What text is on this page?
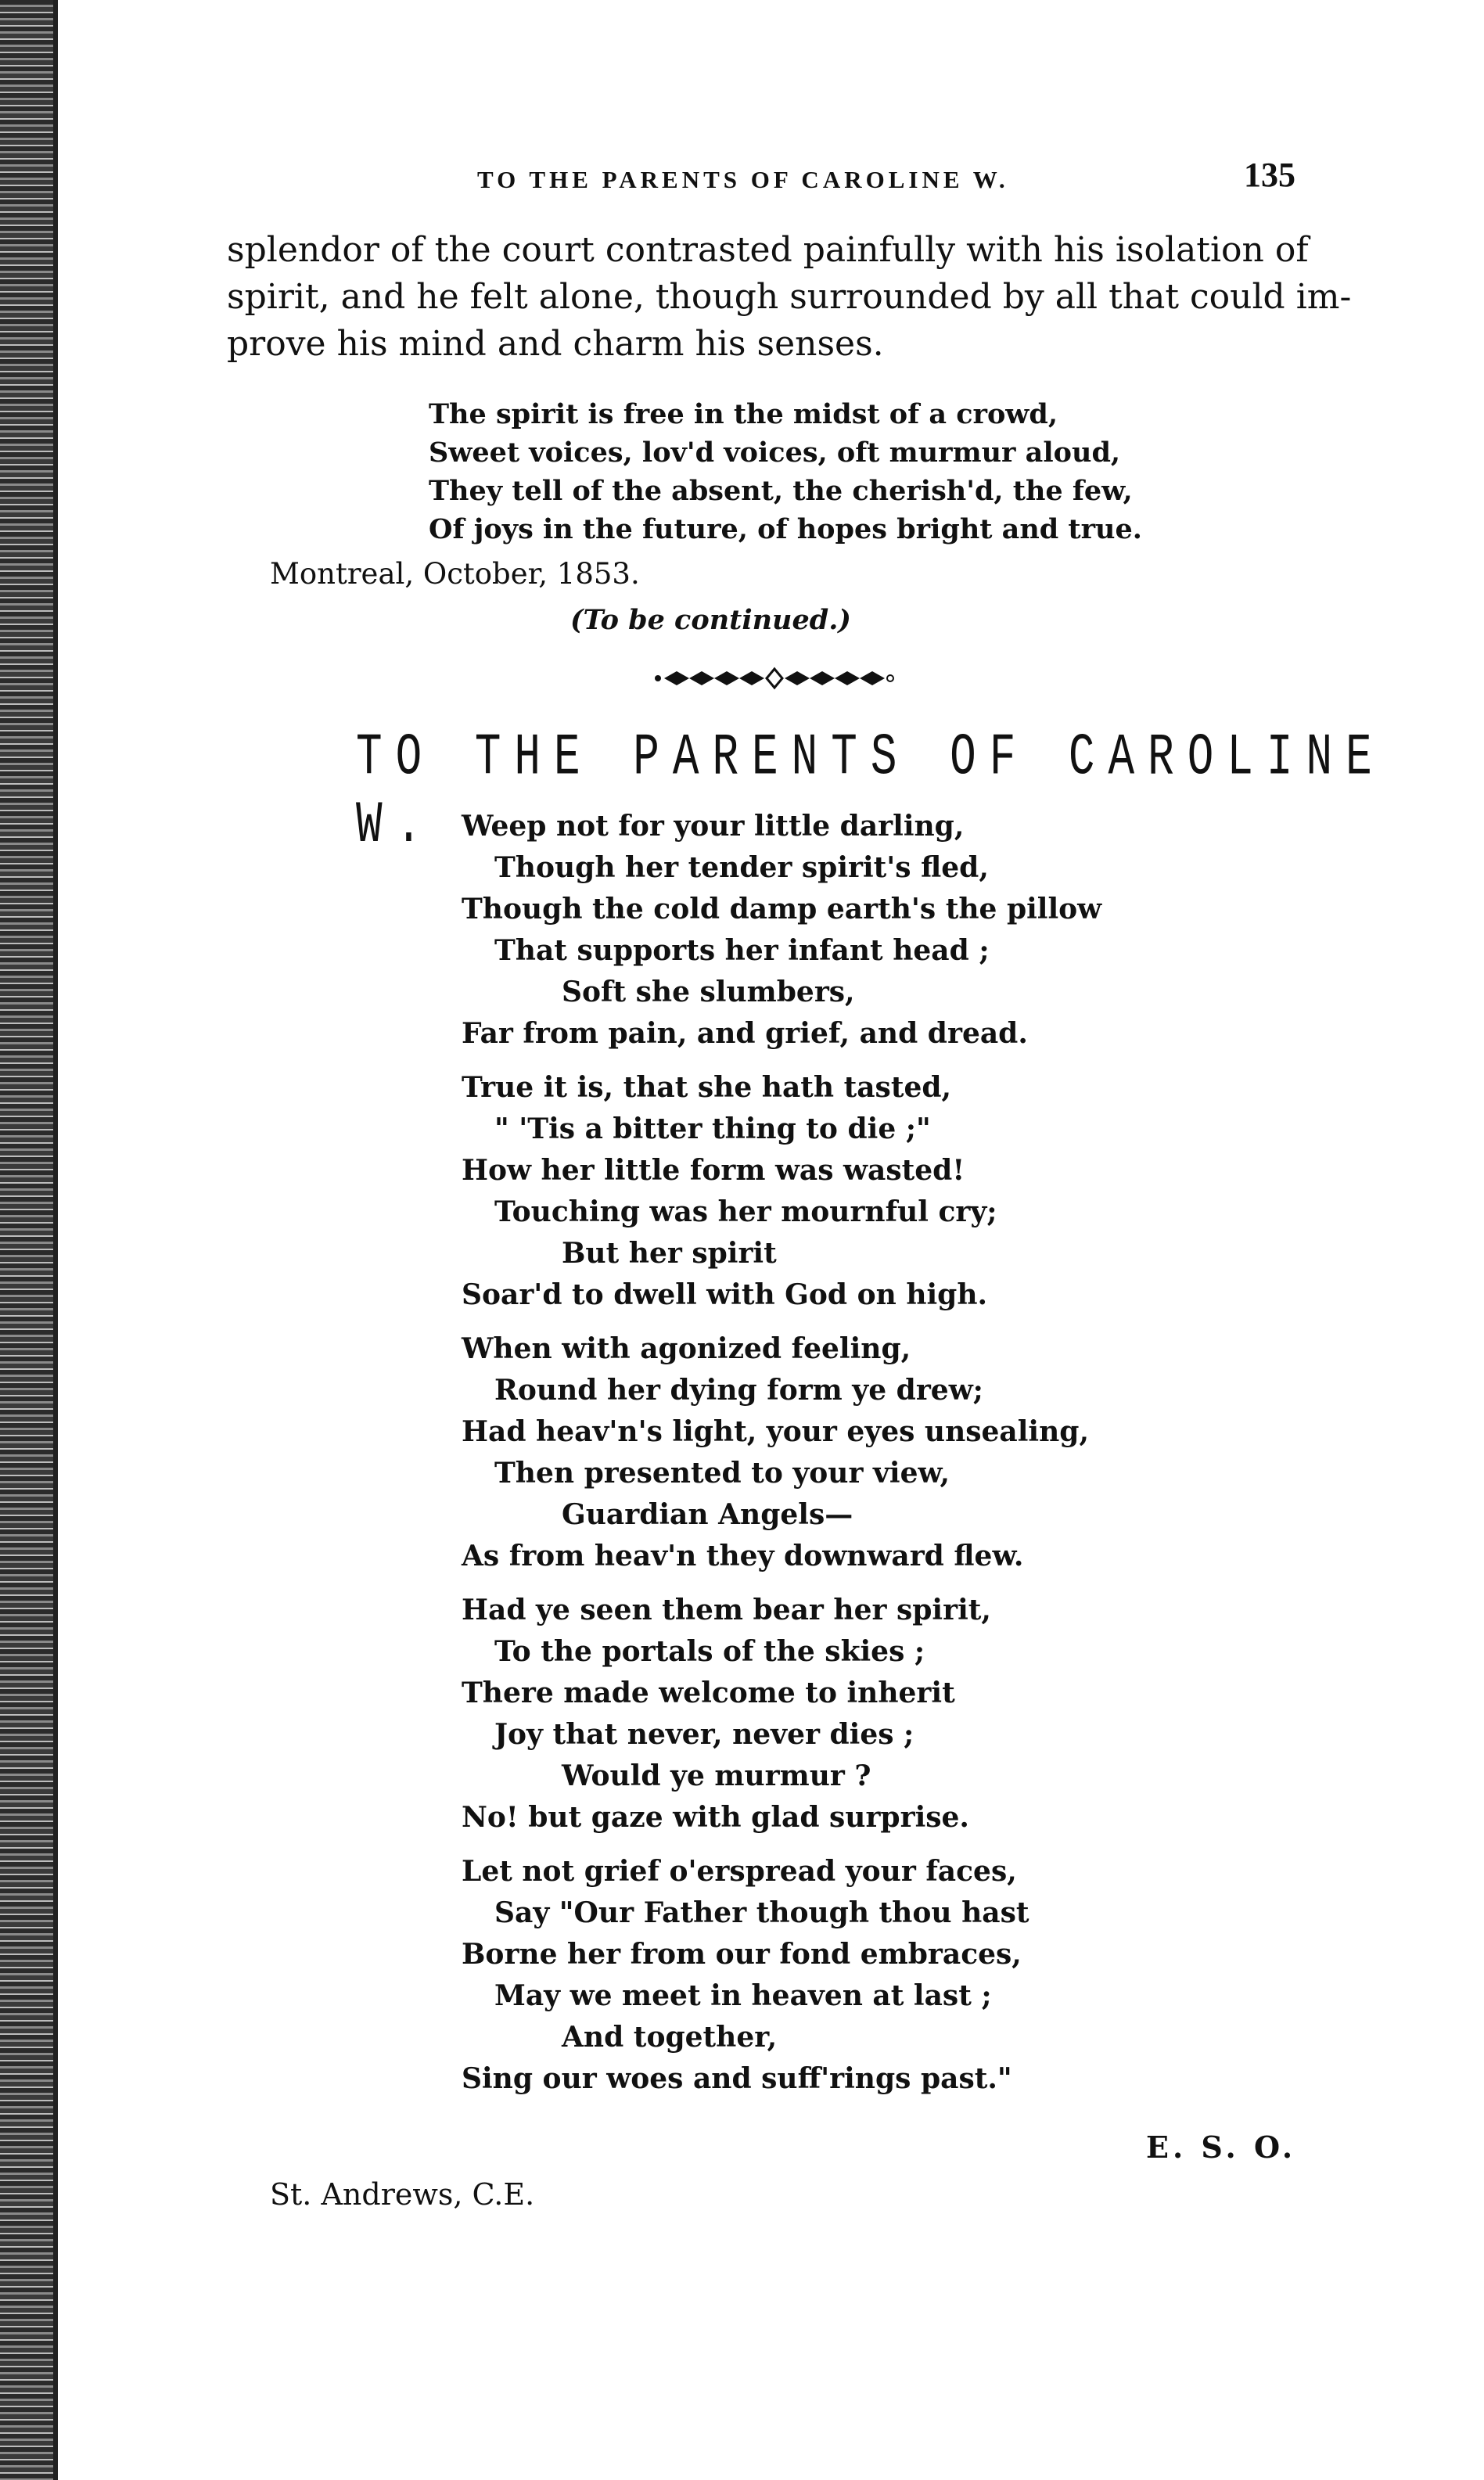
TO THE PARENTS OF CAROLINE W.	135
splendor of the court contrasted painfully with his isolation of
spirit, and he felt alone, though surrounded by all that could im-
prove his mind and charm his senses.
The spirit is free in the midst of a crowd,
Sweet voices, lov'd voices, oft murmur aloud,
They tell of the absent, the cherish'd, the few,
Of joys in the future, of hopes bright and true.
Montreal, October, 1853.
(To be continued.)
TO THE PARENTS OF CAROLINE W. Weep not for your little darling,
Though her tender spirit's fled,
Though the cold damp earth's the pillow
That supports her infant head ;
Soft she slumbers,
Far from pain, and grief, and dread.
True it is, that she hath tasted,
" 'Tis a bitter thing to die ;"
How her little form was wasted!
Touching was her mournful cry;
But her spirit
Soar'd to dwell with God on high.
When with agonized feeling,
Round her dying form ye drew;
Had heav'n's light, your eyes unsealing,
Then presented to your view,
Guardian Angels—
As from heav'n they downward flew.
Had ye seen them bear her spirit,
To the portals of the skies ;
There made welcome to inherit
Joy that never, never dies ;
Would ye murmur ?
No! but gaze with glad surprise.
Let not grief o'erspread your faces,
Say "Our Father though thou hast
Borne her from our fond embraces,
May we meet in heaven at last ;
And together,
Sing our woes and suff'rings past."
E. S. O.
St. Andrews, C.E.
